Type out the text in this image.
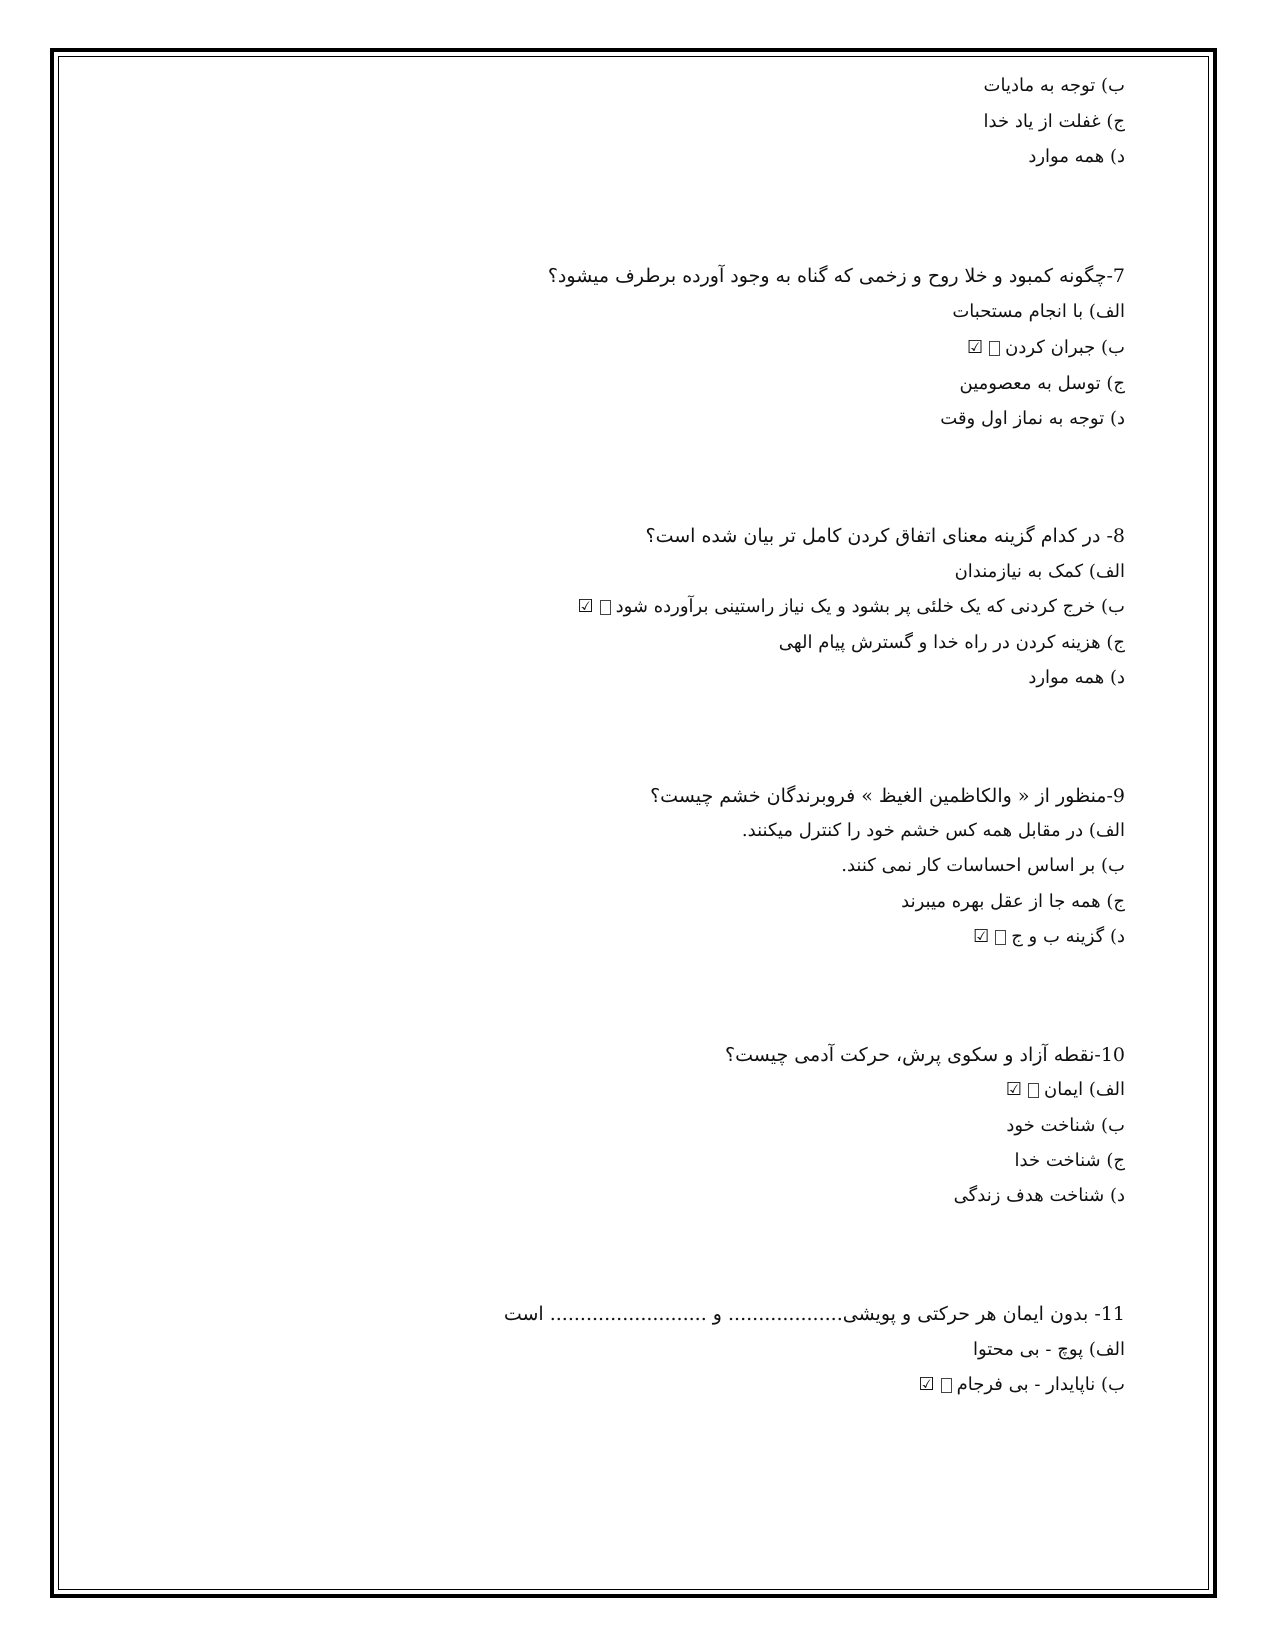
ب) توجه به مادیات
ج) غفلت از یاد خدا
د) همه موارد
7-چگونه کمبود و خلا روح و زخمی که گناه به وجود آورده برطرف میشود؟
الف) با انجام مستحبات
ب) جبران کردن☑
ج) توسل به معصومین
د) توجه به نماز اول وقت
8- در کدام گزینه معنای اتفاق کردن کامل تر بیان شده است؟
الف) کمک به نیازمندان
ب) خرج کردنی که یک خلئی پر بشود و یک نیاز راستینی برآورده شود☑
ج) هزینه کردن در راه خدا و گسترش پیام الهی
د) همه موارد
9-منظور از « والکاظمین الغیظ » فروبرندگان خشم چیست؟
الف) در مقابل همه کس خشم خود را کنترل میکنند.
ب) بر اساس احساسات کار نمی کنند.
ج) همه جا از عقل بهره میبرند
د) گزینه ب و ج☑
10-نقطه آزاد و سکوی پرش، حرکت آدمی چیست؟
الف) ایمان☑
ب) شناخت خود
ج) شناخت خدا
د) شناخت هدف زندگی
11- بدون ایمان هر حرکتی و پویشی................... و .......................... است
الف) پوچ - بی محتوا
ب) ناپایدار - بی فرجام☑
